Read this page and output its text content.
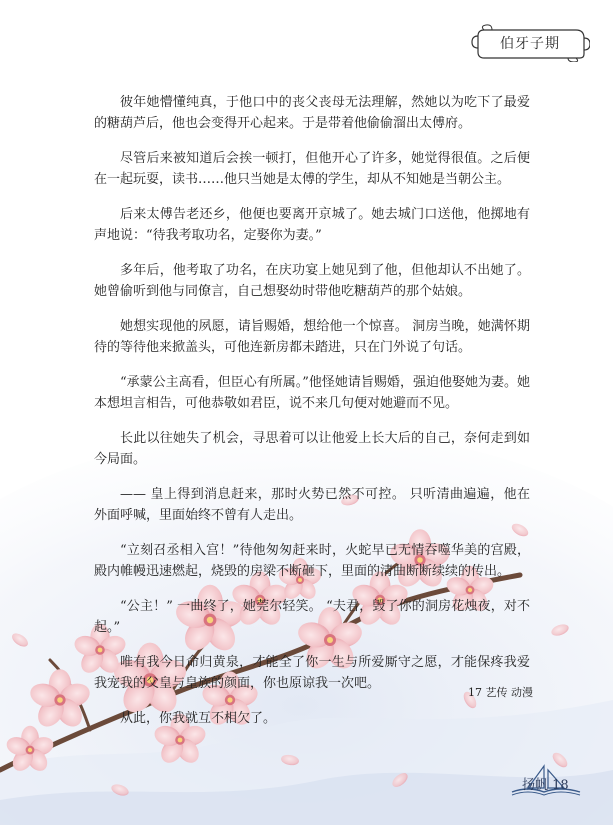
伯牙子期

彼年她懵懂纯真，于他口中的丧父丧母无法理解，然她以为吃下了最爱的糖葫芦后，他也会变得开心起来。于是带着他偷偷溜出太傅府。

尽管后来被知道后会挨一顿打，但他开心了许多，她觉得很值。之后便在一起玩耍，读书……他只当她是太傅的学生，却从不知她是当朝公主。

后来太傅告老还乡，他便也要离开京城了。她去城门口送他，他掷地有声地说：“待我考取功名，定娶你为妻。”

多年后，他考取了功名，在庆功宴上她见到了他，但他却认不出她了。她曾偷听到他与同僚言，自己想娶幼时带他吃糖葫芦的那个姑娘。

她想实现他的夙愿，请旨赐婚，想给他一个惊喜。 洞房当晚，她满怀期待的等待他来掀盖头，可他连新房都未踏进，只在门外说了句话。

“承蒙公主高看，但臣心有所属。”他怪她请旨赐婚，强迫他娶她为妻。她本想坦言相告，可他恭敬如君臣，说不来几句便对她避而不见。

长此以往她失了机会，寻思着可以让他爱上长大后的自己，奈何走到如今局面。

—— 皇上得到消息赶来，那时火势已然不可控。 只听清曲遍遍，他在外面呼喊，里面始终不曾有人走出。

“立刻召丞相入宫！”待他匆匆赶来时，火蛇早已无情吞噬华美的宫殿，殿内帷幔迅速燃起，烧毁的房梁不断砸下，里面的清曲断断续续的传出。

“公主！” 一曲终了，她莞尔轻笑。 “夫君，毁了你的洞房花烛夜，对不起。”

唯有我今日命归黄泉，才能全了你一生与所爱厮守之愿，才能保疼我爱我宠我的父皇与皇族的颜面，你也原谅我一次吧。

从此，你我就互不相欠了。

17 艺传 动漫
扬帆 18
